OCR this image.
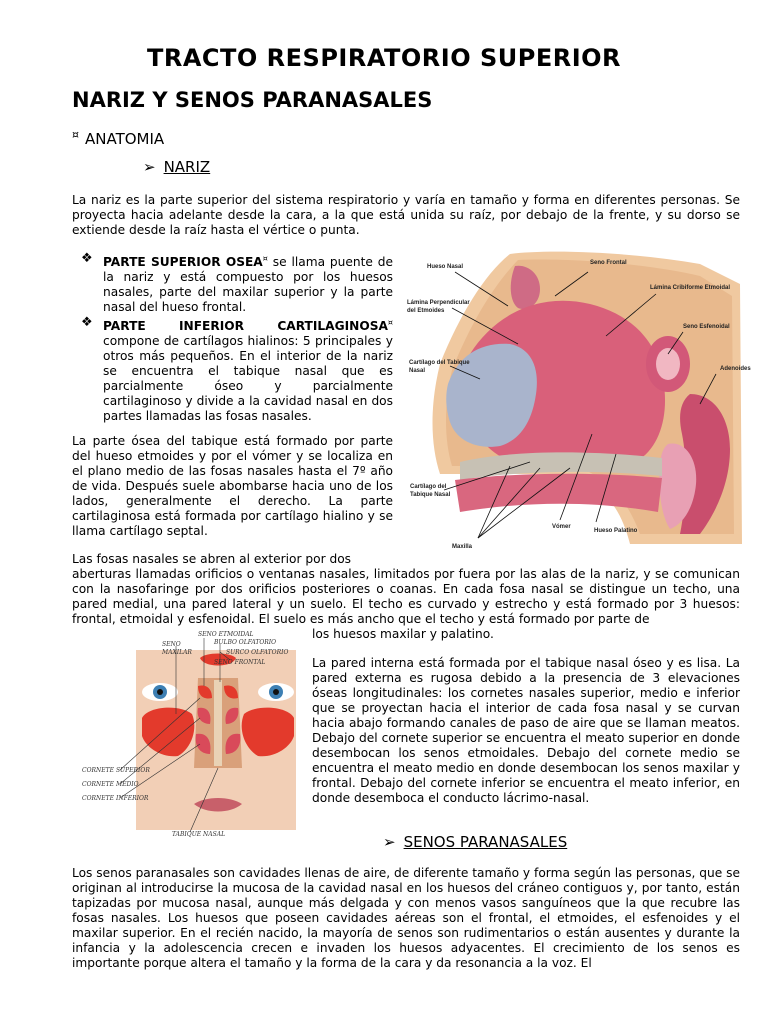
TRACTO RESPIRATORIO SUPERIOR
NARIZ Y SENOS PARANASALES
¤ ANATOMIA
➢ NARIZ
La nariz es la parte superior del sistema respiratorio y varía en tamaño y forma en diferentes personas. Se proyecta hacia adelante desde la cara, a la que está unida su raíz, por debajo de la frente, y su dorso se extiende desde la raíz hasta el vértice o punta.
❖ PARTE SUPERIOR OSEA¤ se llama puente de la nariz y está compuesto por los huesos nasales, parte del maxilar superior y la parte nasal del hueso frontal.
❖ PARTE INFERIOR CARTILAGINOSA¤ compone de cartílagos hialinos: 5 principales y otros más pequeños. En el interior de la nariz se encuentra el tabique nasal que es parcialmente óseo y parcialmente cartilaginoso y divide a la cavidad nasal en dos partes llamadas las fosas nasales.
La parte ósea del tabique está formado por parte del hueso etmoides y por el vómer y se localiza en el plano medio de las fosas nasales hasta el 7º año de vida. Después suele abombarse hacia uno de los lados, generalmente el derecho. La parte cartilaginosa está formada por cartílago hialino y se llama cartílago septal.
Las fosas nasales se abren al exterior por dos
aberturas llamadas orificios o ventanas nasales, limitados por fuera por las alas de la nariz, y se comunican con la nasofaringe por dos orificios posteriores o coanas. En cada fosa nasal se distingue un techo, una pared medial, una pared lateral y un suelo. El techo es curvado y estrecho y está formado por 3 huesos: frontal, etmoidal y esfenoidal. El suelo es más ancho que el techo y está formado por parte de
los huesos maxilar y palatino.
La pared interna está formada por el tabique nasal óseo y es lisa. La pared externa es rugosa debido a la presencia de 3 elevaciones óseas longitudinales: los cornetes nasales superior, medio e inferior que se proyectan hacia el interior de cada fosa nasal y se curvan hacia abajo formando canales de paso de aire que se llaman meatos. Debajo del cornete superior se encuentra el meato superior en donde desembocan los senos etmoidales. Debajo del cornete medio se encuentra el meato medio en donde desembocan los senos maxilar y frontal. Debajo del cornete inferior se encuentra el meato inferior, en donde desemboca el conducto lácrimo-nasal.
➢ SENOS PARANASALES
Los senos paranasales son cavidades llenas de aire, de diferente tamaño y forma según las personas, que se originan al introducirse la mucosa de la cavidad nasal en los huesos del cráneo contiguos y, por tanto, están tapizadas por mucosa nasal, aunque más delgada y con menos vasos sanguíneos que la que recubre las fosas nasales. Los huesos que poseen cavidades aéreas son el frontal, el etmoides, el esfenoides y el maxilar superior. En el recién nacido, la mayoría de senos son rudimentarios o están ausentes y durante la infancia y la adolescencia crecen e invaden los huesos adyacentes. El crecimiento de los senos es importante porque altera el tamaño y la forma de la cara y da resonancia a la voz. El
Hueso Nasal
Lámina Perpendicular
del Etmoides
Cartílago del Tabique
Nasal
Cartílago del
Tabique Nasal
Maxilla
Vómer
Hueso Palatino
Seno Frontal
Lámina Cribiforme Etmoidal
Seno Esfenoidal
Adenoides
SENO ETMOIDAL
SENO
MAXILAR
BULBO OLFATORIO
SURCO OLFATORIO
SENO FRONTAL
CORNETE SUPERIOR
CORNETE MEDIO
CORNETE INFERIOR
TABIQUE NASAL
